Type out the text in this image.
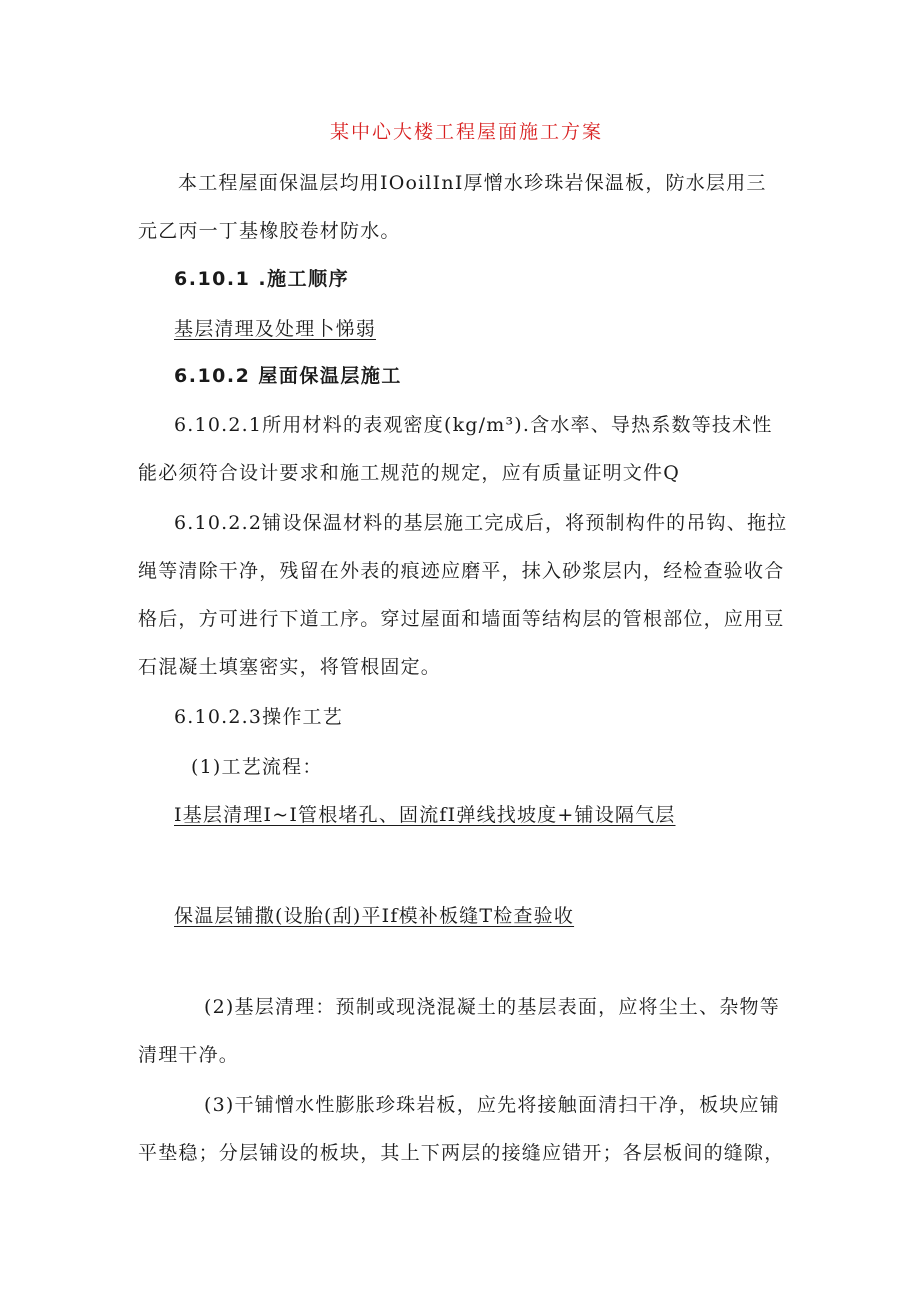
某中心大楼工程屋面施工方案
本工程屋面保温层均用IOoilInI厚憎水珍珠岩保温板，防水层用三
元乙丙一丁基橡胶卷材防水。
6.10.1 .施工顺序
基层清理及处理卜悌弱
6.10.2 屋面保温层施工
6.10.2.1所用材料的表观密度(kg/m³).含水率、导热系数等技术性
能必须符合设计要求和施工规范的规定，应有质量证明文件Q
6.10.2.2铺设保温材料的基层施工完成后，将预制构件的吊钩、拖拉
绳等清除干净，残留在外表的痕迹应磨平，抹入砂浆层内，经检查验收合
格后，方可进行下道工序。穿过屋面和墙面等结构层的管根部位，应用豆
石混凝土填塞密实，将管根固定。
6.10.2.3操作工艺
(1)工艺流程：
I基层清理I~I管根堵孔、固流fI弹线找坡度+铺设隔气层
保温层铺撒(设胎(刮)平If模补板缝T检查验收
(2)基层清理：预制或现浇混凝土的基层表面，应将尘土、杂物等
清理干净。
(3)干铺憎水性膨胀珍珠岩板，应先将接触面清扫干净，板块应铺
平垫稳；分层铺设的板块，其上下两层的接缝应错开；各层板间的缝隙，
